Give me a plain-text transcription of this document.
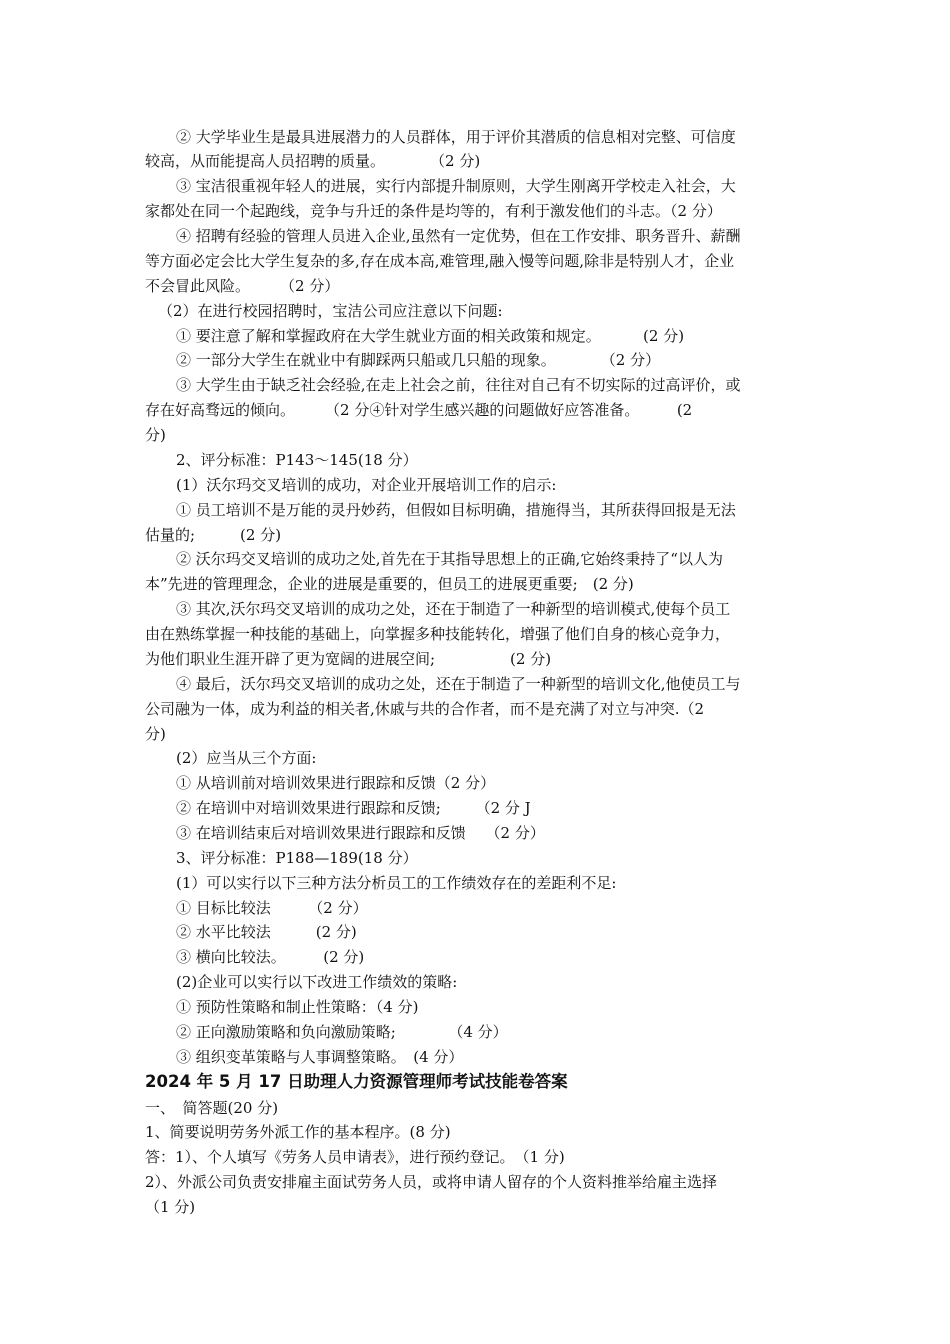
② 大学毕业生是最具进展潜力的人员群体，用于评价其潜质的信息相对完整、可信度
较高，从而能提高人员招聘的质量。　　　　（2 分)
③ 宝洁很重视年轻人的进展，实行内部提升制原则，大学生刚离开学校走入社会，大
家都处在同一个起跑线，竞争与升迁的条件是均等的，有利于激发他们的斗志。（2 分）
④ 招聘有经验的管理人员进入企业,虽然有一定优势，但在工作安排、职务晋升、薪酬
等方面必定会比大学生复杂的多,存在成本高,难管理,融入慢等问题,除非是特别人才，企业
不会冒此风险。　　　（2 分）
（2）在进行校园招聘时，宝洁公司应注意以下问题:
① 要注意了解和掌握政府在大学生就业方面的相关政策和规定。　　　 (2 分)
② 一部分大学生在就业中有脚踩两只船或几只船的现象。　　　　（2 分）
③ 大学生由于缺乏社会经验,在走上社会之前，往往对自己有不切实际的过高评价，或
存在好高骛远的倾向。　　　（2 分④针对学生感兴趣的问题做好应答准备。　　　(2
分)
2、评分标准：P143～145(18 分）
(1）沃尔玛交叉培训的成功，对企业开展培训工作的启示:
① 员工培训不是万能的灵丹妙药，但假如目标明确，措施得当，其所获得回报是无法
估量的;　　　(2 分)
② 沃尔玛交叉培训的成功之处,首先在于其指导思想上的正确,它始终秉持了“以人为
本”先进的管理理念，企业的进展是重要的，但员工的进展更重要;　(2 分)
③ 其次,沃尔玛交叉培训的成功之处，还在于制造了一种新型的培训模式,使每个员工
由在熟练掌握一种技能的基础上，向掌握多种技能转化，增强了他们自身的核心竞争力，
为他们职业生涯开辟了更为宽阔的进展空间;　　　　　(2 分)
④ 最后，沃尔玛交叉培训的成功之处，还在于制造了一种新型的培训文化,他使员工与
公司融为一体，成为利益的相关者,休戚与共的合作者，而不是充满了对立与冲突.（2
分)
(2）应当从三个方面:
① 从培训前对培训效果进行跟踪和反馈（2 分）
② 在培训中对培训效果进行跟踪和反馈;　　 （2 分 J
③ 在培训结束后对培训效果进行跟踪和反馈　 （2 分）
3、评分标准：P188—189(18 分）
(1）可以实行以下三种方法分析员工的工作绩效存在的差距利不足:
① 目标比较法　　　（2 分）
② 水平比较法　　　(2 分)
③ 横向比较法。　　　(2 分)
(2)企业可以实行以下改进工作绩效的策略:
① 预防性策略和制止性策略：（4 分)
② 正向激励策略和负向激励策略;　　　　（4 分）
③ 组织变革策略与人事调整策略。　(4 分）
2024 年 5 月 17 日助理人力资源管理师考试技能卷答案
一、　简答题(20 分)
1、简要说明劳务外派工作的基本程序。(8 分)
答：1）、个人填写《劳务人员申请表》，进行预约登记。　（1 分)
2）、外派公司负责安排雇主面试劳务人员，或将申请人留存的个人资料推举给雇主选择
（1 分)
